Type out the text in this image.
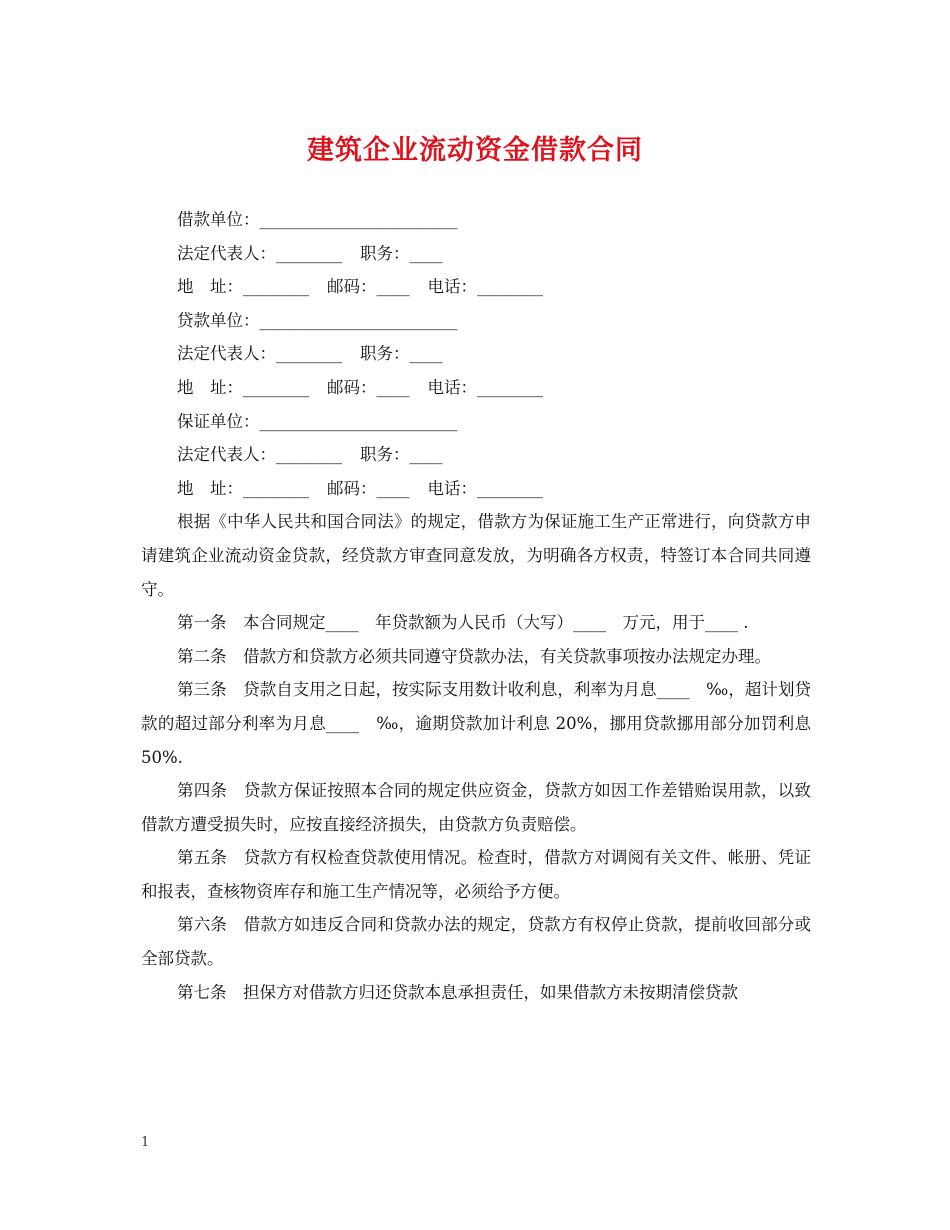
建筑企业流动资金借款合同

借款单位：________________________

法定代表人：________ 职务：____

地　址：________ 邮码：____ 电话：________

贷款单位：________________________

法定代表人：________ 职务：____

地　址：________ 邮码：____ 电话：________

保证单位：________________________

法定代表人：________ 职务：____

地　址：________ 邮码：____ 电话：________

根据《中华人民共和国合同法》的规定，借款方为保证施工生产正常进行，向贷款方申请建筑企业流动资金贷款，经贷款方审查同意发放，为明确各方权责，特签订本合同共同遵守。

第一条　本合同规定____　年贷款额为人民币（大写）____　万元，用于____ .

第二条　借款方和贷款方必须共同遵守贷款办法，有关贷款事项按办法规定办理。

第三条　贷款自支用之日起，按实际支用数计收利息，利率为月息____　‰，超计划贷款的超过部分利率为月息____　‰，逾期贷款加计利息 20%，挪用贷款挪用部分加罚利息 50%.

第四条　贷款方保证按照本合同的规定供应资金，贷款方如因工作差错贻误用款，以致借款方遭受损失时，应按直接经济损失，由贷款方负责赔偿。

第五条　贷款方有权检查贷款使用情况。检查时，借款方对调阅有关文件、帐册、凭证和报表，查核物资库存和施工生产情况等，必须给予方便。

第六条　借款方如违反合同和贷款办法的规定，贷款方有权停止贷款，提前收回部分或全部贷款。

第七条　担保方对借款方归还贷款本息承担责任，如果借款方未按期清偿贷款

1
